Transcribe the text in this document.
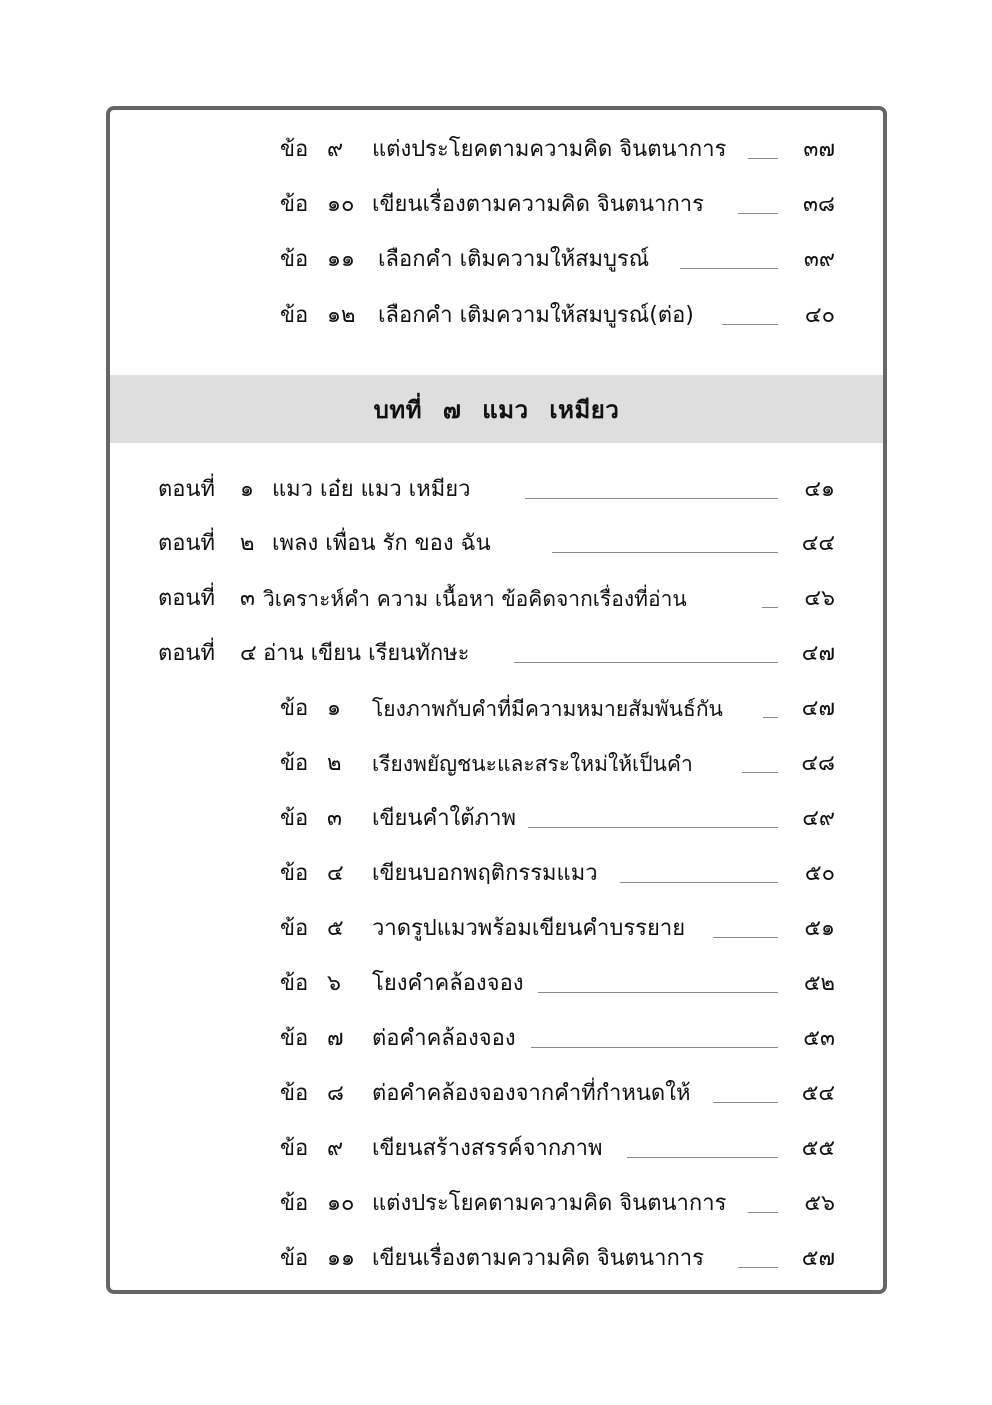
ข้อ ๙ แต่งประโยคตามความคิด จินตนาการ	๓๗
ข้อ ๑๐ เขียนเรื่องตามความคิด จินตนาการ	๓๘
ข้อ ๑๑ เลือกคำ เติมความให้สมบูรณ์	๓๙
ข้อ ๑๒ เลือกคำ เติมความให้สมบูรณ์(ต่อ)	๔๐
บทที่ ๗ แมว เหมียว
ตอนที่ ๑ แมว เอ๋ย แมว เหมียว	๔๑
ตอนที่ ๒ เพลง เพื่อน รัก ของ ฉัน	๔๔
ตอนที่ ๓ วิเคราะห์คำ ความ เนื้อหา ข้อคิดจากเรื่องที่อ่าน	๔๖
ตอนที่ ๔ อ่าน เขียน เรียนทักษะ	๔๗
ข้อ ๑ โยงภาพกับคำที่มีความหมายสัมพันธ์กัน	๔๗
ข้อ ๒ เรียงพยัญชนะและสระใหม่ให้เป็นคำ	๔๘
ข้อ ๓ เขียนคำใต้ภาพ	๔๙
ข้อ ๔ เขียนบอกพฤติกรรมแมว	๕๐
ข้อ ๕ วาดรูปแมวพร้อมเขียนคำบรรยาย	๕๑
ข้อ ๖ โยงคำคล้องจอง	๕๒
ข้อ ๗ ต่อคำคล้องจอง	๕๓
ข้อ ๘ ต่อคำคล้องจองจากคำที่กำหนดให้	๕๔
ข้อ ๙ เขียนสร้างสรรค์จากภาพ	๕๕
ข้อ ๑๐ แต่งประโยคตามความคิด จินตนาการ	๕๖
ข้อ ๑๑ เขียนเรื่องตามความคิด จินตนาการ	๕๗
